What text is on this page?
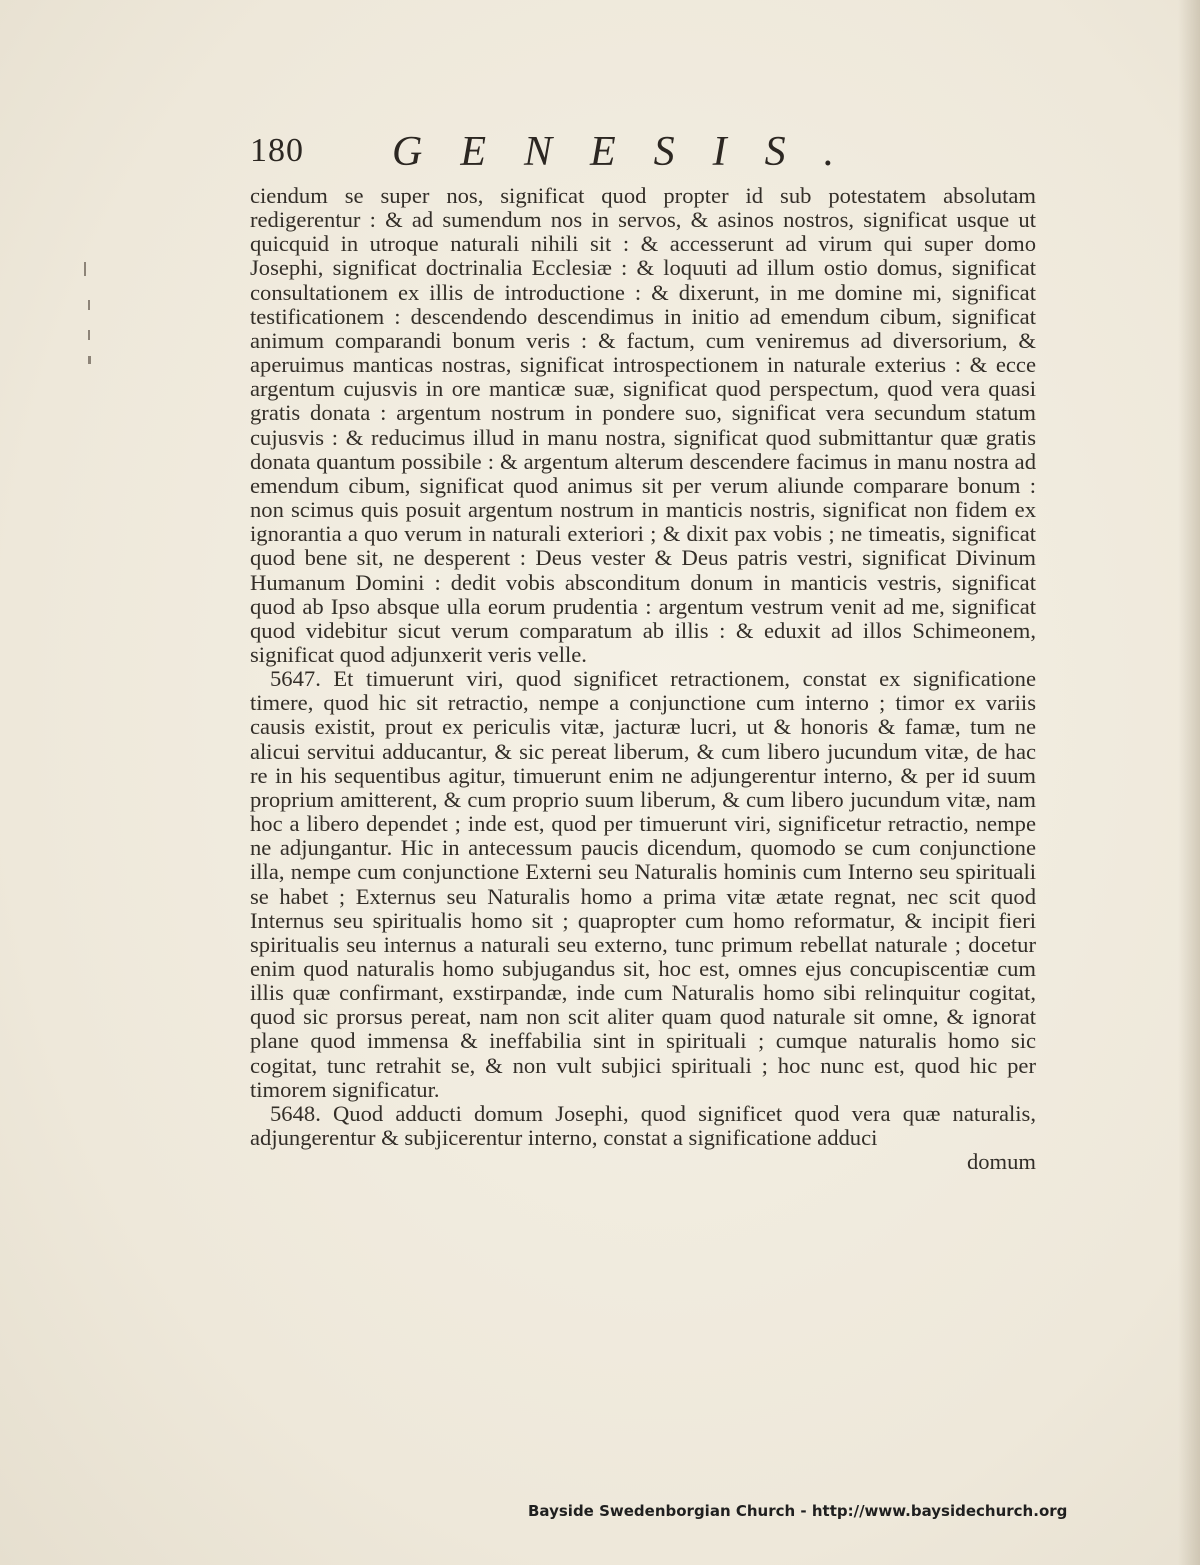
180 GENESIS.

ciendum se super nos, significat quod propter id sub potestatem absolutam redigerentur : & ad sumendum nos in servos, & asinos nostros, significat usque ut quicquid in utroque naturali nihili sit : & accesserunt ad virum qui super domo Josephi, significat doctrinalia Ecclesiæ : & loquuti ad illum ostio domus, significat consultationem ex illis de introductione : & dixerunt, in me domine mi, significat testificationem : descendendo descendimus in initio ad emendum cibum, significat animum comparandi bonum veris : & factum, cum veniremus ad diversorium, & aperuimus manticas nostras, significat introspectionem in naturale exterius : & ecce argentum cujusvis in ore manticæ suæ, significat quod perspectum, quod vera quasi gratis donata : argentum nostrum in pondere suo, significat vera secundum statum cujusvis : & reducimus illud in manu nostra, significat quod submittantur quæ gratis donata quantum possibile : & argentum alterum descendere facimus in manu nostra ad emendum cibum, significat quod animus sit per verum aliunde comparare bonum : non scimus quis posuit argentum nostrum in manticis nostris, significat non fidem ex ignorantia a quo verum in naturali exteriori ; & dixit pax vobis ; ne timeatis, significat quod bene sit, ne desperent : Deus vester & Deus patris vestri, significat Divinum Humanum Domini : dedit vobis absconditum donum in manticis vestris, significat quod ab Ipso absque ulla eorum prudentia : argentum vestrum venit ad me, significat quod videbitur sicut verum comparatum ab illis : & eduxit ad illos Schimeonem, significat quod adjunxerit veris velle.

5647. Et timuerunt viri, quod significet retractionem, constat ex significatione timere, quod hic sit retractio, nempe a conjunctione cum interno ; timor ex variis causis existit, prout ex periculis vitæ, jacturæ lucri, ut & honoris & famæ, tum ne alicui servitui adducantur, & sic pereat liberum, & cum libero jucundum vitæ, de hac re in his sequentibus agitur, timuerunt enim ne adjungerentur interno, & per id suum proprium amitterent, & cum proprio suum liberum, & cum libero jucundum vitæ, nam hoc a libero dependet ; inde est, quod per timuerunt viri, significetur retractio, nempe ne adjungantur. Hic in antecessum paucis dicendum, quomodo se cum conjunctione illa, nempe cum conjunctione Externi seu Naturalis hominis cum Interno seu spirituali se habet ; Externus seu Naturalis homo a prima vitæ ætate regnat, nec scit quod Internus seu spiritualis homo sit ; quapropter cum homo reformatur, & incipit fieri spiritualis seu internus a naturali seu externo, tunc primum rebellat naturale ; docetur enim quod naturalis homo subjugandus sit, hoc est, omnes ejus concupiscentiæ cum illis quæ confirmant, exstirpandæ, inde cum Naturalis homo sibi relinquitur cogitat, quod sic prorsus pereat, nam non scit aliter quam quod naturale sit omne, & ignorat plane quod immensa & ineffabilia sint in spirituali ; cumque naturalis homo sic cogitat, tunc retrahit se, & non vult subjici spirituali ; hoc nunc est, quod hic per timorem significatur.

5648. Quod adducti domum Josephi, quod significet quod vera quæ naturalis, adjungerentur & subjicerentur interno, constat a significatione adduci

domum
Bayside Swedenborgian Church - http://www.baysidechurch.org
